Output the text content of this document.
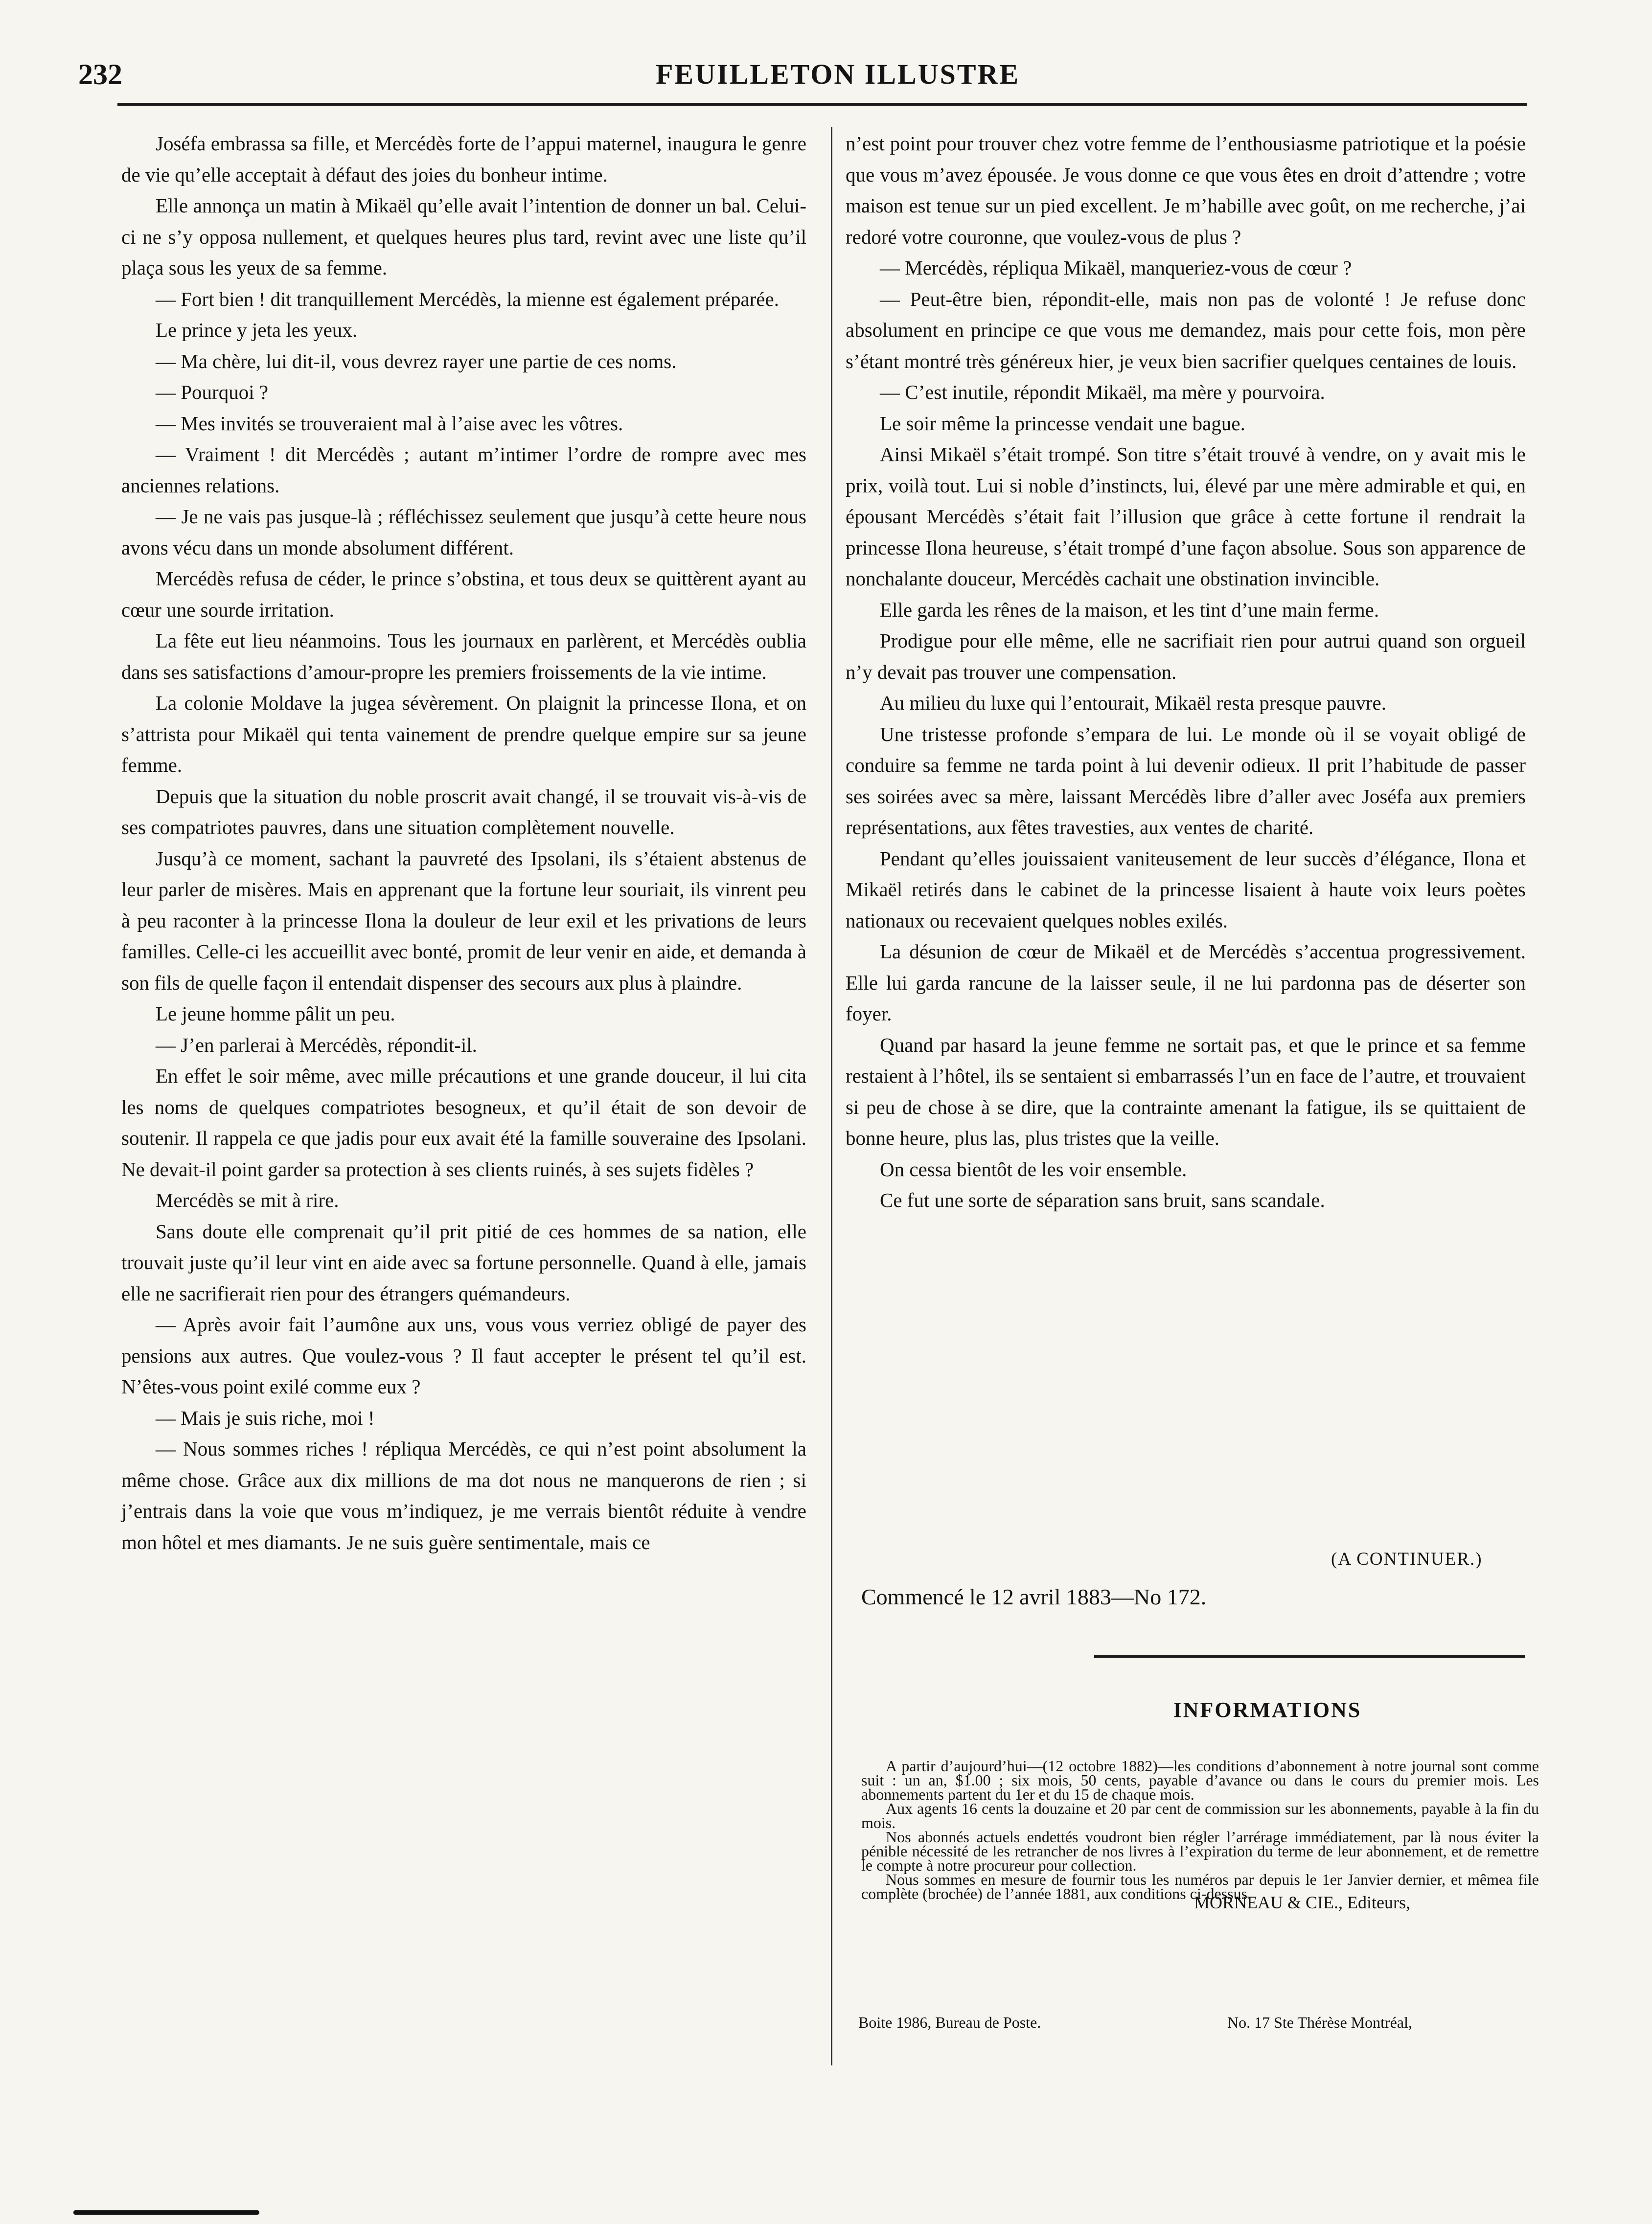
232	FEUILLETON ILLUSTRE

Joséfa embrassa sa fille, et Mercédès forte de l’appui maternel, inaugura le genre de vie qu’elle acceptait à défaut des joies du bonheur intime.

Elle annonça un matin à Mikaël qu’elle avait l’intention de donner un bal. Celui-ci ne s’y opposa nullement, et quelques heures plus tard, revint avec une liste qu’il plaça sous les yeux de sa femme.

— Fort bien ! dit tranquillement Mercédès, la mienne est également préparée.

Le prince y jeta les yeux.

— Ma chère, lui dit-il, vous devrez rayer une partie de ces noms.

— Pourquoi ?

— Mes invités se trouveraient mal à l’aise avec les vôtres.

— Vraiment ! dit Mercédès ; autant m’intimer l’ordre de rompre avec mes anciennes relations.

— Je ne vais pas jusque-là ; réfléchissez seulement que jusqu’à cette heure nous avons vécu dans un monde absolument différent.

Mercédès refusa de céder, le prince s’obstina, et tous deux se quittèrent ayant au cœur une sourde irritation.

La fête eut lieu néanmoins. Tous les journaux en parlèrent, et Mercédès oublia dans ses satisfactions d’amour-propre les premiers froissements de la vie intime.

La colonie Moldave la jugea sévèrement. On plaignit la princesse Ilona, et on s’attrista pour Mikaël qui tenta vainement de prendre quelque empire sur sa jeune femme.

Depuis que la situation du noble proscrit avait changé, il se trouvait vis-à-vis de ses compatriotes pauvres, dans une situation complètement nouvelle.

Jusqu’à ce moment, sachant la pauvreté des Ipsolani, ils s’étaient abstenus de leur parler de misères. Mais en apprenant que la fortune leur souriait, ils vinrent peu à peu raconter à la princesse Ilona la douleur de leur exil et les privations de leurs familles. Celle-ci les accueillit avec bonté, promit de leur venir en aide, et demanda à son fils de quelle façon il entendait dispenser des secours aux plus à plaindre.

Le jeune homme pâlit un peu.

— J’en parlerai à Mercédès, répondit-il.

En effet le soir même, avec mille précautions et une grande douceur, il lui cita les noms de quelques compatriotes besogneux, et qu’il était de son devoir de soutenir. Il rappela ce que jadis pour eux avait été la famille souveraine des Ipsolani. Ne devait-il point garder sa protection à ses clients ruinés, à ses sujets fidèles ?

Mercédès se mit à rire.

Sans doute elle comprenait qu’il prit pitié de ces hommes de sa nation, elle trouvait juste qu’il leur vint en aide avec sa fortune personnelle. Quand à elle, jamais elle ne sacrifierait rien pour des étrangers quémandeurs.

— Après avoir fait l’aumône aux uns, vous vous verriez obligé de payer des pensions aux autres. Que voulez-vous ? Il faut accepter le présent tel qu’il est. N’êtes-vous point exilé comme eux ?

— Mais je suis riche, moi !

— Nous sommes riches ! répliqua Mercédès, ce qui n’est point absolument la même chose. Grâce aux dix millions de ma dot nous ne manquerons de rien ; si j’entrais dans la voie que vous m’indiquez, je me verrais bientôt réduite à vendre mon hôtel et mes diamants. Je ne suis guère sentimentale, mais ce

n’est point pour trouver chez votre femme de l’enthousiasme patriotique et la poésie que vous m’avez épousée. Je vous donne ce que vous êtes en droit d’attendre ; votre maison est tenue sur un pied excellent. Je m’habille avec goût, on me recherche, j’ai redoré votre couronne, que voulez-vous de plus ?

— Mercédès, répliqua Mikaël, manqueriez-vous de cœur ?

— Peut-être bien, répondit-elle, mais non pas de volonté ! Je refuse donc absolument en principe ce que vous me demandez, mais pour cette fois, mon père s’étant montré très généreux hier, je veux bien sacrifier quelques centaines de louis.

— C’est inutile, répondit Mikaël, ma mère y pourvoira.

Le soir même la princesse vendait une bague.

Ainsi Mikaël s’était trompé. Son titre s’était trouvé à vendre, on y avait mis le prix, voilà tout. Lui si noble d’instincts, lui, élevé par une mère admirable et qui, en épousant Mercédès s’était fait l’illusion que grâce à cette fortune il rendrait la princesse Ilona heureuse, s’était trompé d’une façon absolue. Sous son apparence de nonchalante douceur, Mercédès cachait une obstination invincible.

Elle garda les rênes de la maison, et les tint d’une main ferme.

Prodigue pour elle même, elle ne sacrifiait rien pour autrui quand son orgueil n’y devait pas trouver une compensation.

Au milieu du luxe qui l’entourait, Mikaël resta presque pauvre.

Une tristesse profonde s’empara de lui. Le monde où il se voyait obligé de conduire sa femme ne tarda point à lui devenir odieux. Il prit l’habitude de passer ses soirées avec sa mère, laissant Mercédès libre d’aller avec Joséfa aux premiers représentations, aux fêtes travesties, aux ventes de charité.

Pendant qu’elles jouissaient vaniteusement de leur succès d’élégance, Ilona et Mikaël retirés dans le cabinet de la princesse lisaient à haute voix leurs poètes nationaux ou recevaient quelques nobles exilés.

La désunion de cœur de Mikaël et de Mercédès s’accentua progressivement. Elle lui garda rancune de la laisser seule, il ne lui pardonna pas de déserter son foyer.

Quand par hasard la jeune femme ne sortait pas, et que le prince et sa femme restaient à l’hôtel, ils se sentaient si embarrassés l’un en face de l’autre, et trouvaient si peu de chose à se dire, que la contrainte amenant la fatigue, ils se quittaient de bonne heure, plus las, plus tristes que la veille.

On cessa bientôt de les voir ensemble.

Ce fut une sorte de séparation sans bruit, sans scandale.

(A CONTINUER.)
Commencé le 12 avril 1883—No 172.
INFORMATIONS

A partir d’aujourd’hui—(12 octobre 1882)—les conditions d’abonnement à notre journal sont comme suit : un an, $1.00 ; six mois, 50 cents, payable d’avance ou dans le cours du premier mois. Les abonnements partent du 1er et du 15 de chaque mois.

Aux agents 16 cents la douzaine et 20 par cent de commission sur les abonnements, payable à la fin du mois.

Nos abonnés actuels endettés voudront bien régler l’arrérage immédiatement, par là nous éviter la pénible nécessité de les retrancher de nos livres à l’expiration du terme de leur abonnement, et de remettre le compte à notre procureur pour collection.

Nous sommes en mesure de fournir tous les numéros par depuis le 1er Janvier dernier, et mêmea file complète (brochée) de l’année 1881, aux conditions ci-dessus.

MORNEAU & CIE., Editeurs,
Boite 1986, Bureau de Poste.	No. 17 Ste Thérèse Montréal,
